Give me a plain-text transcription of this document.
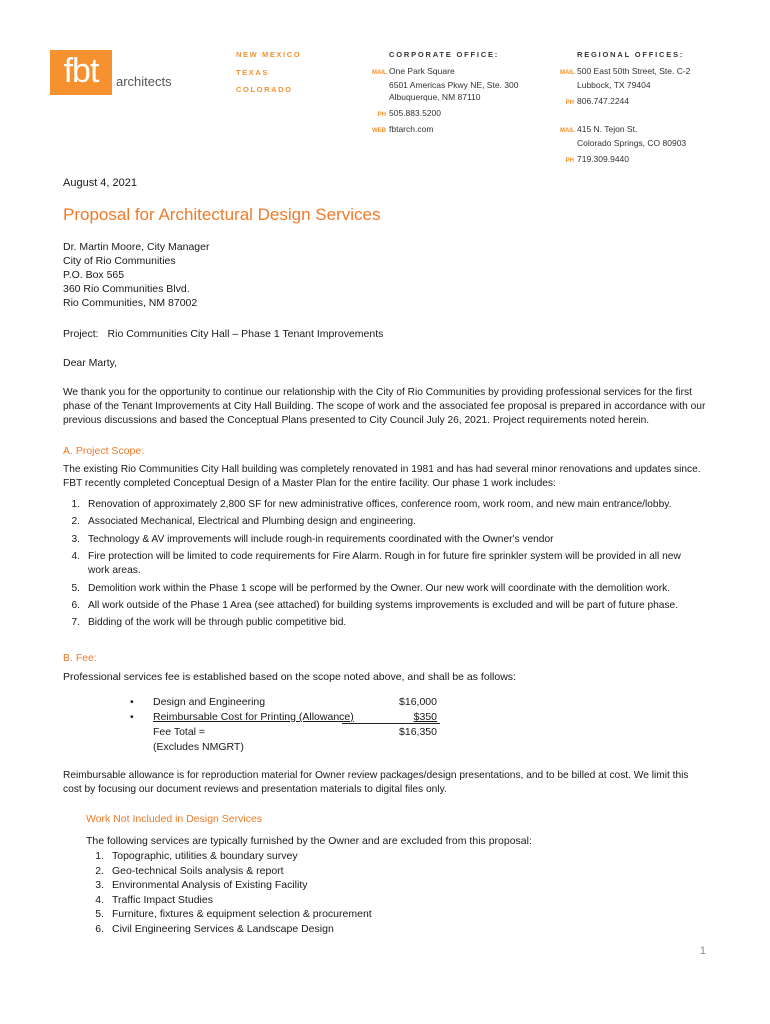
fbt	architects
NEW MEXICO
TEXAS
COLORADO
CORPORATE OFFICE:
MAIL One Park Square
6501 Americas Pkwy NE, Ste. 300
Albuquerque, NM 87110
PH 505.883.5200
WEB fbtarch.com
REGIONAL OFFICES:
MAIL 500 East 50th Street, Ste. C-2
Lubbock, TX 79404
PH 806.747.2244
MAIL 415 N. Tejon St.
Colorado Springs, CO 80903
PH 719.309.9440
August 4, 2021
Proposal for Architectural Design Services
Dr. Martin Moore, City Manager
City of Rio Communities
P.O. Box 565
360 Rio Communities Blvd.
Rio Communities, NM 87002
Project: Rio Communities City Hall – Phase 1 Tenant Improvements
Dear Marty,
We thank you for the opportunity to continue our relationship with the City of Rio Communities by providing professional services for the first
phase of the Tenant Improvements at City Hall Building. The scope of work and the associated fee proposal is prepared in accordance with our
previous discussions and based the Conceptual Plans presented to City Council July 26, 2021. Project requirements noted herein.
A. Project Scope:
The existing Rio Communities City Hall building was completely renovated in 1981 and has had several minor renovations and updates since.
FBT recently completed Conceptual Design of a Master Plan for the entire facility. Our phase 1 work includes:
1. Renovation of approximately 2,800 SF for new administrative offices, conference room, work room, and new main entrance/lobby.
2. Associated Mechanical, Electrical and Plumbing design and engineering.
3. Technology & AV improvements will include rough-in requirements coordinated with the Owner's vendor
4. Fire protection will be limited to code requirements for Fire Alarm. Rough in for future fire sprinkler system will be provided in all new
work areas.
5. Demolition work within the Phase 1 scope will be performed by the Owner. Our new work will coordinate with the demolition work.
6. All work outside of the Phase 1 Area (see attached) for building systems improvements is excluded and will be part of future phase.
7. Bidding of the work will be through public competitive bid.
B. Fee:
Professional services fee is established based on the scope noted above, and shall be as follows:
• Design and Engineering	$16,000
• Reimbursable Cost for Printing (Allowance)	$350
Fee Total =	$16,350
(Excludes NMGRT)
Reimbursable allowance is for reproduction material for Owner review packages/design presentations, and to be billed at cost. We limit this
cost by focusing our document reviews and presentation materials to digital files only.
Work Not Included in Design Services
The following services are typically furnished by the Owner and are excluded from this proposal:
1. Topographic, utilities & boundary survey
2. Geo-technical Soils analysis & report
3. Environmental Analysis of Existing Facility
4. Traffic Impact Studies
5. Furniture, fixtures & equipment selection & procurement
6. Civil Engineering Services & Landscape Design
1
